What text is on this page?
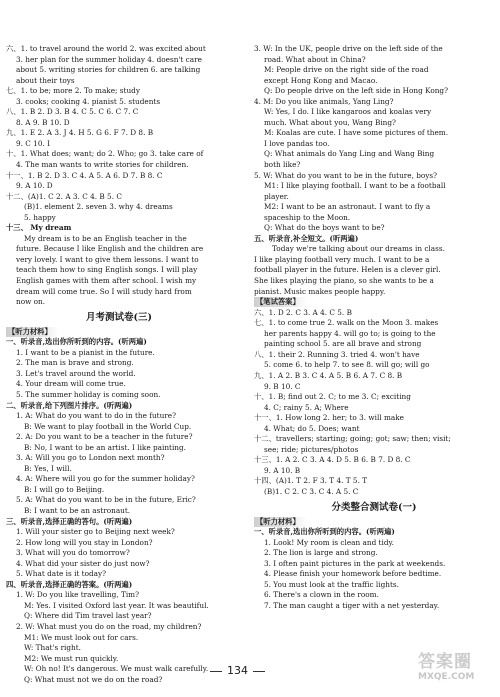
六、1. to travel around the world 2. was excited about
3. her plan for the summer holiday 4. doesn't care
about 5. writing stories for children 6. are talking
about their toys
七、1. to be; more 2. To make; study
3. cooks; cooking 4. pianist 5. students
八、1. B 2. D 3. B 4. C 5. C 6. C 7. C
8. A 9. B 10. D
九、1. E 2. A 3. J 4. H 5. G 6. F 7. D 8. B
9. C 10. I
十、1. What does; want; do 2. Who; go 3. take care of
4. The man wants to write stories for children.
十一、1. B 2. D 3. C 4. A 5. A 6. D 7. B 8. C
9. A 10. D
十二、(A)1. C 2. A 3. C 4. B 5. C
(B)1. element 2. seven 3. why 4. dreams
5. happy
十三、 My dream
My dream is to be an English teacher in the
future. Because I like English and the children are
very lovely. I want to give them lessons. I want to
teach them how to sing English songs. I will play
English games with them after school. I wish my
dream will come true. So I will study hard from
now on.
月考测试卷(三)
【听力材料】
一、听录音,选出你所听到的内容。(听两遍)
1. I want to be a pianist in the future.
2. The man is brave and strong.
3. Let's travel around the world.
4. Your dream will come true.
5. The summer holiday is coming soon.
二、听录音,给下列图片排序。(听两遍)
1. A: What do you want to do in the future?
B: We want to play football in the World Cup.
2. A: Do you want to be a teacher in the future?
B: No, I want to be an artist. I like painting.
3. A: Will you go to London next month?
B: Yes, I will.
4. A: Where will you go for the summer holiday?
B: I will go to Beijing.
5. A: What do you want to be in the future, Eric?
B: I want to be an astronaut.
三、听录音,选择正确的答句。(听两遍)
1. Will your sister go to Beijing next week?
2. How long will you stay in London?
3. What will you do tomorrow?
4. What did your sister do just now?
5. What date is it today?
四、听录音,选择正确的答案。(听两遍)
1. W: Do you like travelling, Tim?
M: Yes. I visited Oxford last year. It was beautiful.
Q: Where did Tim travel last year?
2. W: What must you do on the road, my children?
M1: We must look out for cars.
W: That's right.
M2: We must run quickly.
W: Oh no! It's dangerous. We must walk carefully.
Q: What must not we do on the road?
3. W: In the UK, people drive on the left side of the
road. What about in China?
M: People drive on the right side of the road
except Hong Kong and Macao.
Q: Do people drive on the left side in Hong Kong?
4. M: Do you like animals, Yang Ling?
W: Yes, I do. I like kangaroos and koalas very
much. What about you, Wang Bing?
M: Koalas are cute. I have some pictures of them.
I love pandas too.
Q: What animals do Yang Ling and Wang Bing
both like?
5. W: What do you want to be in the future, boys?
M1: I like playing football. I want to be a football
player.
M2: I want to be an astronaut. I want to fly a
spaceship to the Moon.
Q: What do the boys want to be?
五、听录音,补全短文。(听两遍)
Today we're talking about our dreams in class.
I like playing football very much. I want to be a
football player in the future. Helen is a clever girl.
She likes playing the piano, so she wants to be a
pianist. Music makes people happy.
【笔试答案】
六、1. D 2. C 3. A 4. C 5. B
七、1. to come true 2. walk on the Moon 3. makes
her parents happy 4. will go to; is going to the
painting school 5. are all brave and strong
八、1. their 2. Running 3. tried 4. won't have
5. come 6. to help 7. to see 8. will go; will go
九、1. A 2. B 3. C 4. A 5. B 6. A 7. C 8. B
9. B 10. C
十、1. B; find out 2. C; to me 3. C; exciting
4. C; rainy 5. A; Where
十一、1. How long 2. her; to 3. will make
4. What; do 5. Does; want
十二、travellers; starting; going; got; saw; then; visit;
see; ride; pictures/photos
十三、1. A 2. C 3. A 4. D 5. B 6. B 7. D 8. C
9. A 10. B
十四、(A)1. T 2. F 3. T 4. T 5. T
(B)1. C 2. C 3. C 4. A 5. C
分类整合测试卷(一)
【听力材料】
一、听录音,选出你所听到的内容。(听两遍)
1. Look! My room is clean and tidy.
2. The lion is large and strong.
3. I often paint pictures in the park at weekends.
4. Please finish your homework before bedtime.
5. You must look at the traffic lights.
6. There's a clown in the room.
7. The man caught a tiger with a net yesterday.
134	答案圈
MXQE.COM
